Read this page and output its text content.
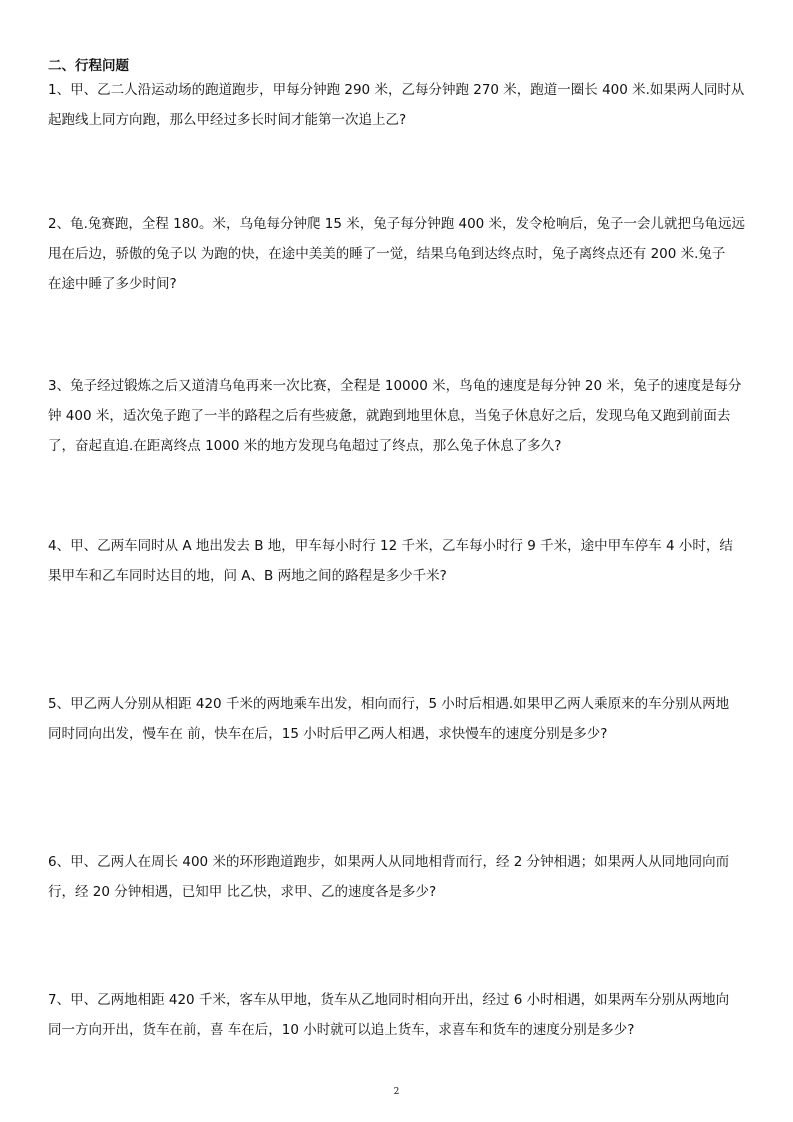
二、行程问题
1、甲、乙二人沿运动场的跑道跑步，甲每分钟跑 290 米，乙每分钟跑 270 米，跑道一圈长 400 米.如果两人同时从
起跑线上同方向跑，那么甲经过多长时间才能第一次追上乙?
2、龟.兔赛跑，全程 180。米，乌龟每分钟爬 15 米，兔子每分钟跑 400 米，发令枪响后，兔子一会儿就把乌龟远远
甩在后边，骄傲的兔子以 为跑的快，在途中美美的睡了一觉，结果乌龟到达终点时，兔子离终点还有 200 米.兔子
在途中睡了多少时间?
3、兔子经过锻炼之后又道清乌龟再来一次比赛，全程是 10000 米，鸟龟的速度是每分钟 20 米，兔子的速度是每分
钟 400 米，适次兔子跑了一半的路程之后有些疲惫，就跑到地里休息，当兔子休息好之后，发现乌龟又跑到前面去
了，奋起直追.在距离终点 1000 米的地方发现乌龟超过了终点，那么兔子休息了多久?
4、甲、乙两车同时从 A 地出发去 B 地，甲车每小时行 12 千米，乙车每小时行 9 千米，途中甲车停车 4 小时，结
果甲车和乙车同时达目的地，问 A、B 两地之间的路程是多少千米?
5、甲乙两人分别从相距 420 千米的两地乘车出发，相向而行，5 小时后相遇.如果甲乙两人乘原来的车分别从两地
同时同向出发，慢车在 前，快车在后，15 小时后甲乙两人相遇，求快慢车的速度分别是多少?
6、甲、乙两人在周长 400 米的环形跑道跑步，如果两人从同地相背而行，经 2 分钟相遇；如果两人从同地同向而
行，经 20 分钟相遇，已知甲 比乙快，求甲、乙的速度各是多少?
7、甲、乙两地相距 420 千米，客车从甲地，货车从乙地同时相向开出，经过 6 小时相遇，如果两车分别从两地向
同一方向开出，货车在前，喜 车在后，10 小时就可以追上货车，求喜车和货车的速度分别是多少?
2
